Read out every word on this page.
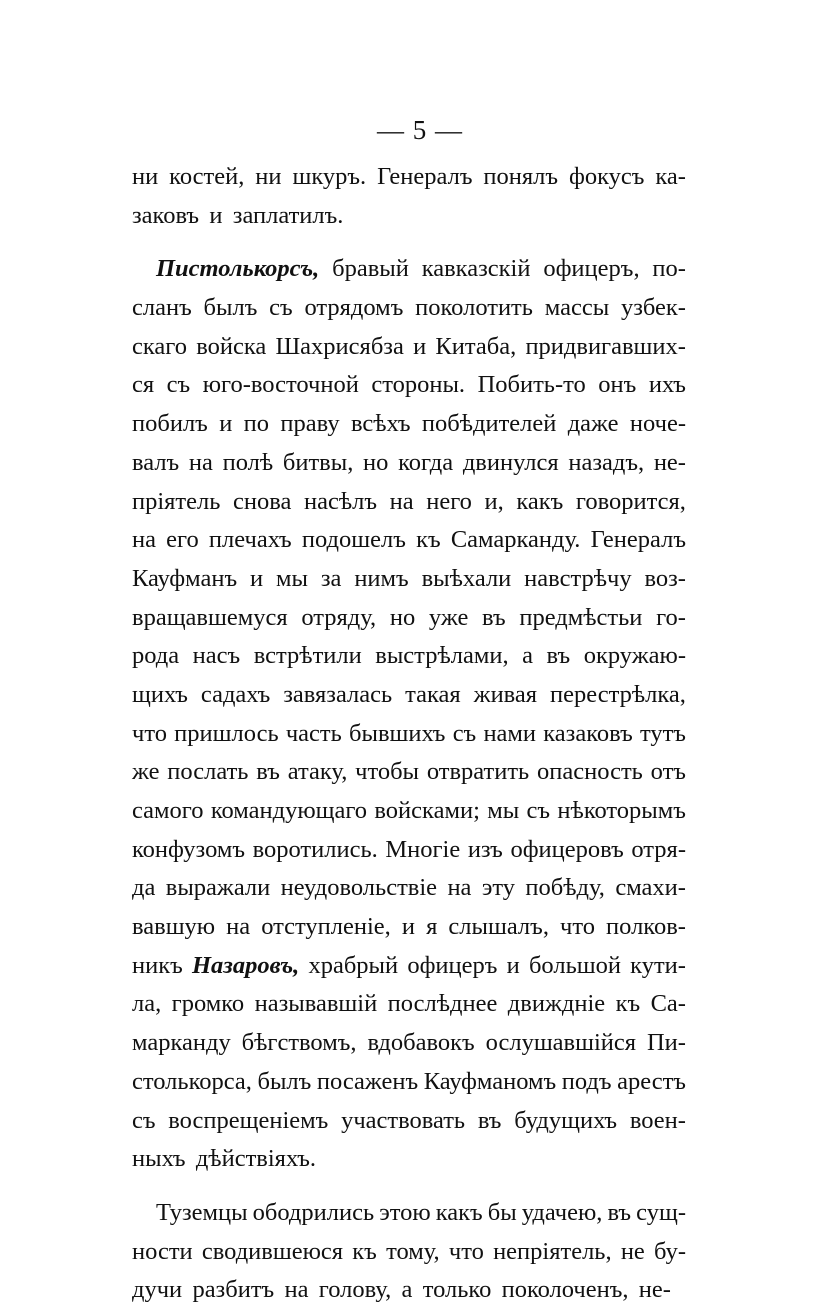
— 5 —
ни костей, ни шкуръ. Генералъ понялъ фокусъ ка-
заковъ и заплатилъ.
Пистолькорсъ, бравый кавказскій офицеръ, по-
сланъ былъ съ отрядомъ поколотить массы узбек-
скаго войска Шахрисябза и Китаба, придвигавших-
ся съ юго-восточной стороны. Побить-то онъ ихъ
побилъ и по праву всѣхъ побѣдителей даже ноче-
валъ на полѣ битвы, но когда двинулся назадъ, не-
пріятель снова насѣлъ на него и, какъ говорится,
на его плечахъ подошелъ къ Самарканду. Генералъ
Кауфманъ и мы за нимъ выѣхали навстрѣчу воз-
вращавшемуся отряду, но уже въ предмѣстьи го-
рода насъ встрѣтили выстрѣлами, а въ окружаю-
щихъ садахъ завязалась такая живая перестрѣлка,
что пришлось часть бывшихъ съ нами казаковъ тутъ
же послать въ атаку, чтобы отвратить опасность отъ
самого командующаго войсками; мы съ нѣкоторымъ
конфузомъ воротились. Многіе изъ офицеровъ отря-
да выражали неудовольствіе на эту побѣду, смахи-
вавшую на отступленіе, и я слышалъ, что полков-
никъ Назаровъ, храбрый офицеръ и большой кути-
ла, громко называвшій послѣднее движдніе къ Са-
марканду бѣгствомъ, вдобавокъ ослушавшійся Пи-
столькорса, былъ посаженъ Кауфманомъ подъ арестъ
съ воспрещеніемъ участвовать въ будущихъ воен-
ныхъ дѣйствіяхъ.
Туземцы ободрились этою какъ бы удачею, въ сущ-
ности сводившеюся къ тому, что непріятель, не бу-
дучи разбитъ на голову, а только поколоченъ, не-
